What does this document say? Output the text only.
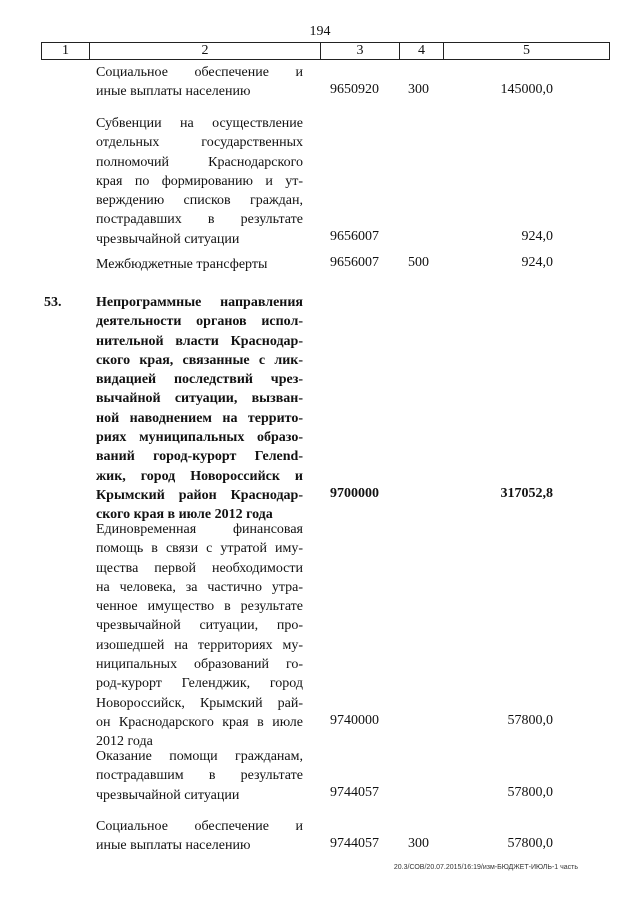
194
1	2	3	4	5
Социальное обеспечение и
иные выплаты населению	9650920	300	145000,0
Субвенции на осуществление
отдельных государственных
полномочий Краснодарского
края по формированию и ут-
верждению списков граждан,
пострадавших в результате
чрезвычайной ситуации	9656007	924,0
Межбюджетные трансферты	9656007	500	924,0
53. Непрограммные направления
деятельности органов испол-
нительной власти Краснодар-
ского края, связанные с лик-
видацией последствий чрез-
вычайной ситуации, вызван-
ной наводнением на террито-
риях муниципальных образо-
ваний город-курорт Гелend-
жик, город Новороссийск и
Крымский район Краснодар-
ского края в июле 2012 года
9700000	317052,8
Единовременная финансовая
помощь в связи с утратой иму-
щества первой необходимости
на человека, за частично утра-
ченное имущество в результате
чрезвычайной ситуации, про-
изошедшей на территориях му-
ниципальных образований го-
род-курорт Геленджик, город
Новороссийск, Крымский рай-
он Краснодарского края в июле
2012 года
9740000	57800,0
Оказание помощи гражданам,
пострадавшим в результате
чрезвычайной ситуации	9744057	57800,0
Социальное обеспечение и
иные выплаты населению	9744057	300	57800,0
20.3/СОВ/20.07.2015/16:19/изм-БЮДЖЕТ-ИЮЛЬ-1 часть
